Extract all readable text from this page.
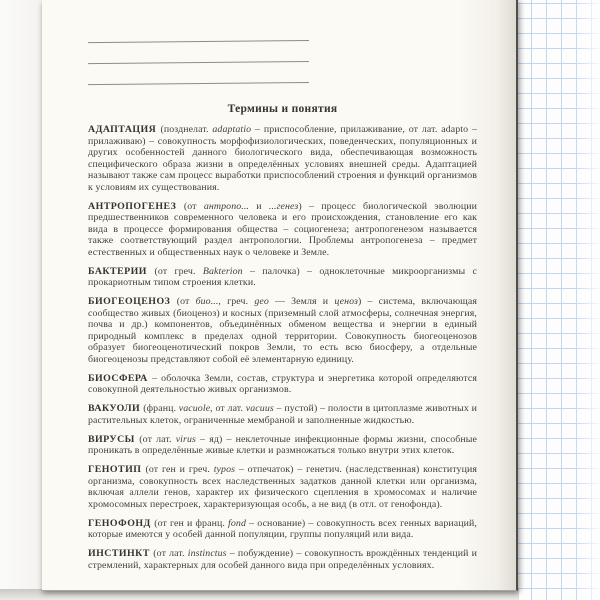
Термины и понятия

АДАПТАЦИЯ (позднелат. adaptatio – приспособление, прилаживание, от лат. adapto – прилаживаю) – совокупность морфофизиологических, поведенческих, популяционных и других особенностей данного биологического вида, обеспечивающая возможность специфического образа жизни в определённых условиях внешней среды. Адаптацией называют также сам процесс выработки приспособлений строения и функций организмов к условиям их существования.

АНТРОПОГЕНЕЗ (от антропо... и ...генез) – процесс биологической эволюции предшественников современного человека и его происхождения, становление его как вида в процессе формирования общества – социогенеза; антропогенезом называется также соответствующий раздел антропологии. Проблемы антропогенеза – предмет естественных и общественных наук о человеке и Земле.

БАКТЕРИИ (от греч. Bakterion – палочка) – одноклеточные микроорганизмы с прокариотным типом строения клетки.

БИОГЕОЦЕНОЗ (от био..., греч. geo — Земля и ценоз) – система, включающая сообщество живых (биоценоз) и косных (приземный слой атмосферы, солнечная энергия, почва и др.) компонентов, объединённых обменом вещества и энергии в единый природный комплекс в пределах одной территории. Совокупность биогеоценозов образует биогеоценотический покров Земли, то есть всю биосферу, а отдельные биогеоценозы представляют собой её элементарную единицу.

БИОСФЕРА – оболочка Земли, состав, структура и энергетика которой определяются совокупной деятельностью живых организмов.

ВАКУОЛИ (франц. vacuole, от лат. vacuus – пустой) – полости в цитоплазме животных и растительных клеток, ограниченные мембраной и заполненные жидкостью.

ВИРУСЫ (от лат. virus – яд) – неклеточные инфекционные формы жизни, способные проникать в определённые живые клетки и размножаться только внутри этих клеток.

ГЕНОТИП (от ген и греч. typos – отпечаток) – генетич. (наследственная) конституция организма, совокупность всех наследственных задатков данной клетки или организма, включая аллели генов, характер их физического сцепления в хромосомах и наличие хромосомных перестроек, характеризующая особь, а не вид (в отл. от генофонда).

ГЕНОФОНД (от ген и франц. fond – основание) – совокупность всех генных вариаций, которые имеются у особей данной популяции, группы популяций или вида.

ИНСТИНКТ (от лат. instinctus – побуждение) – совокупность врождённых тенденций и стремлений, характерных для особей данного вида при определённых условиях.
